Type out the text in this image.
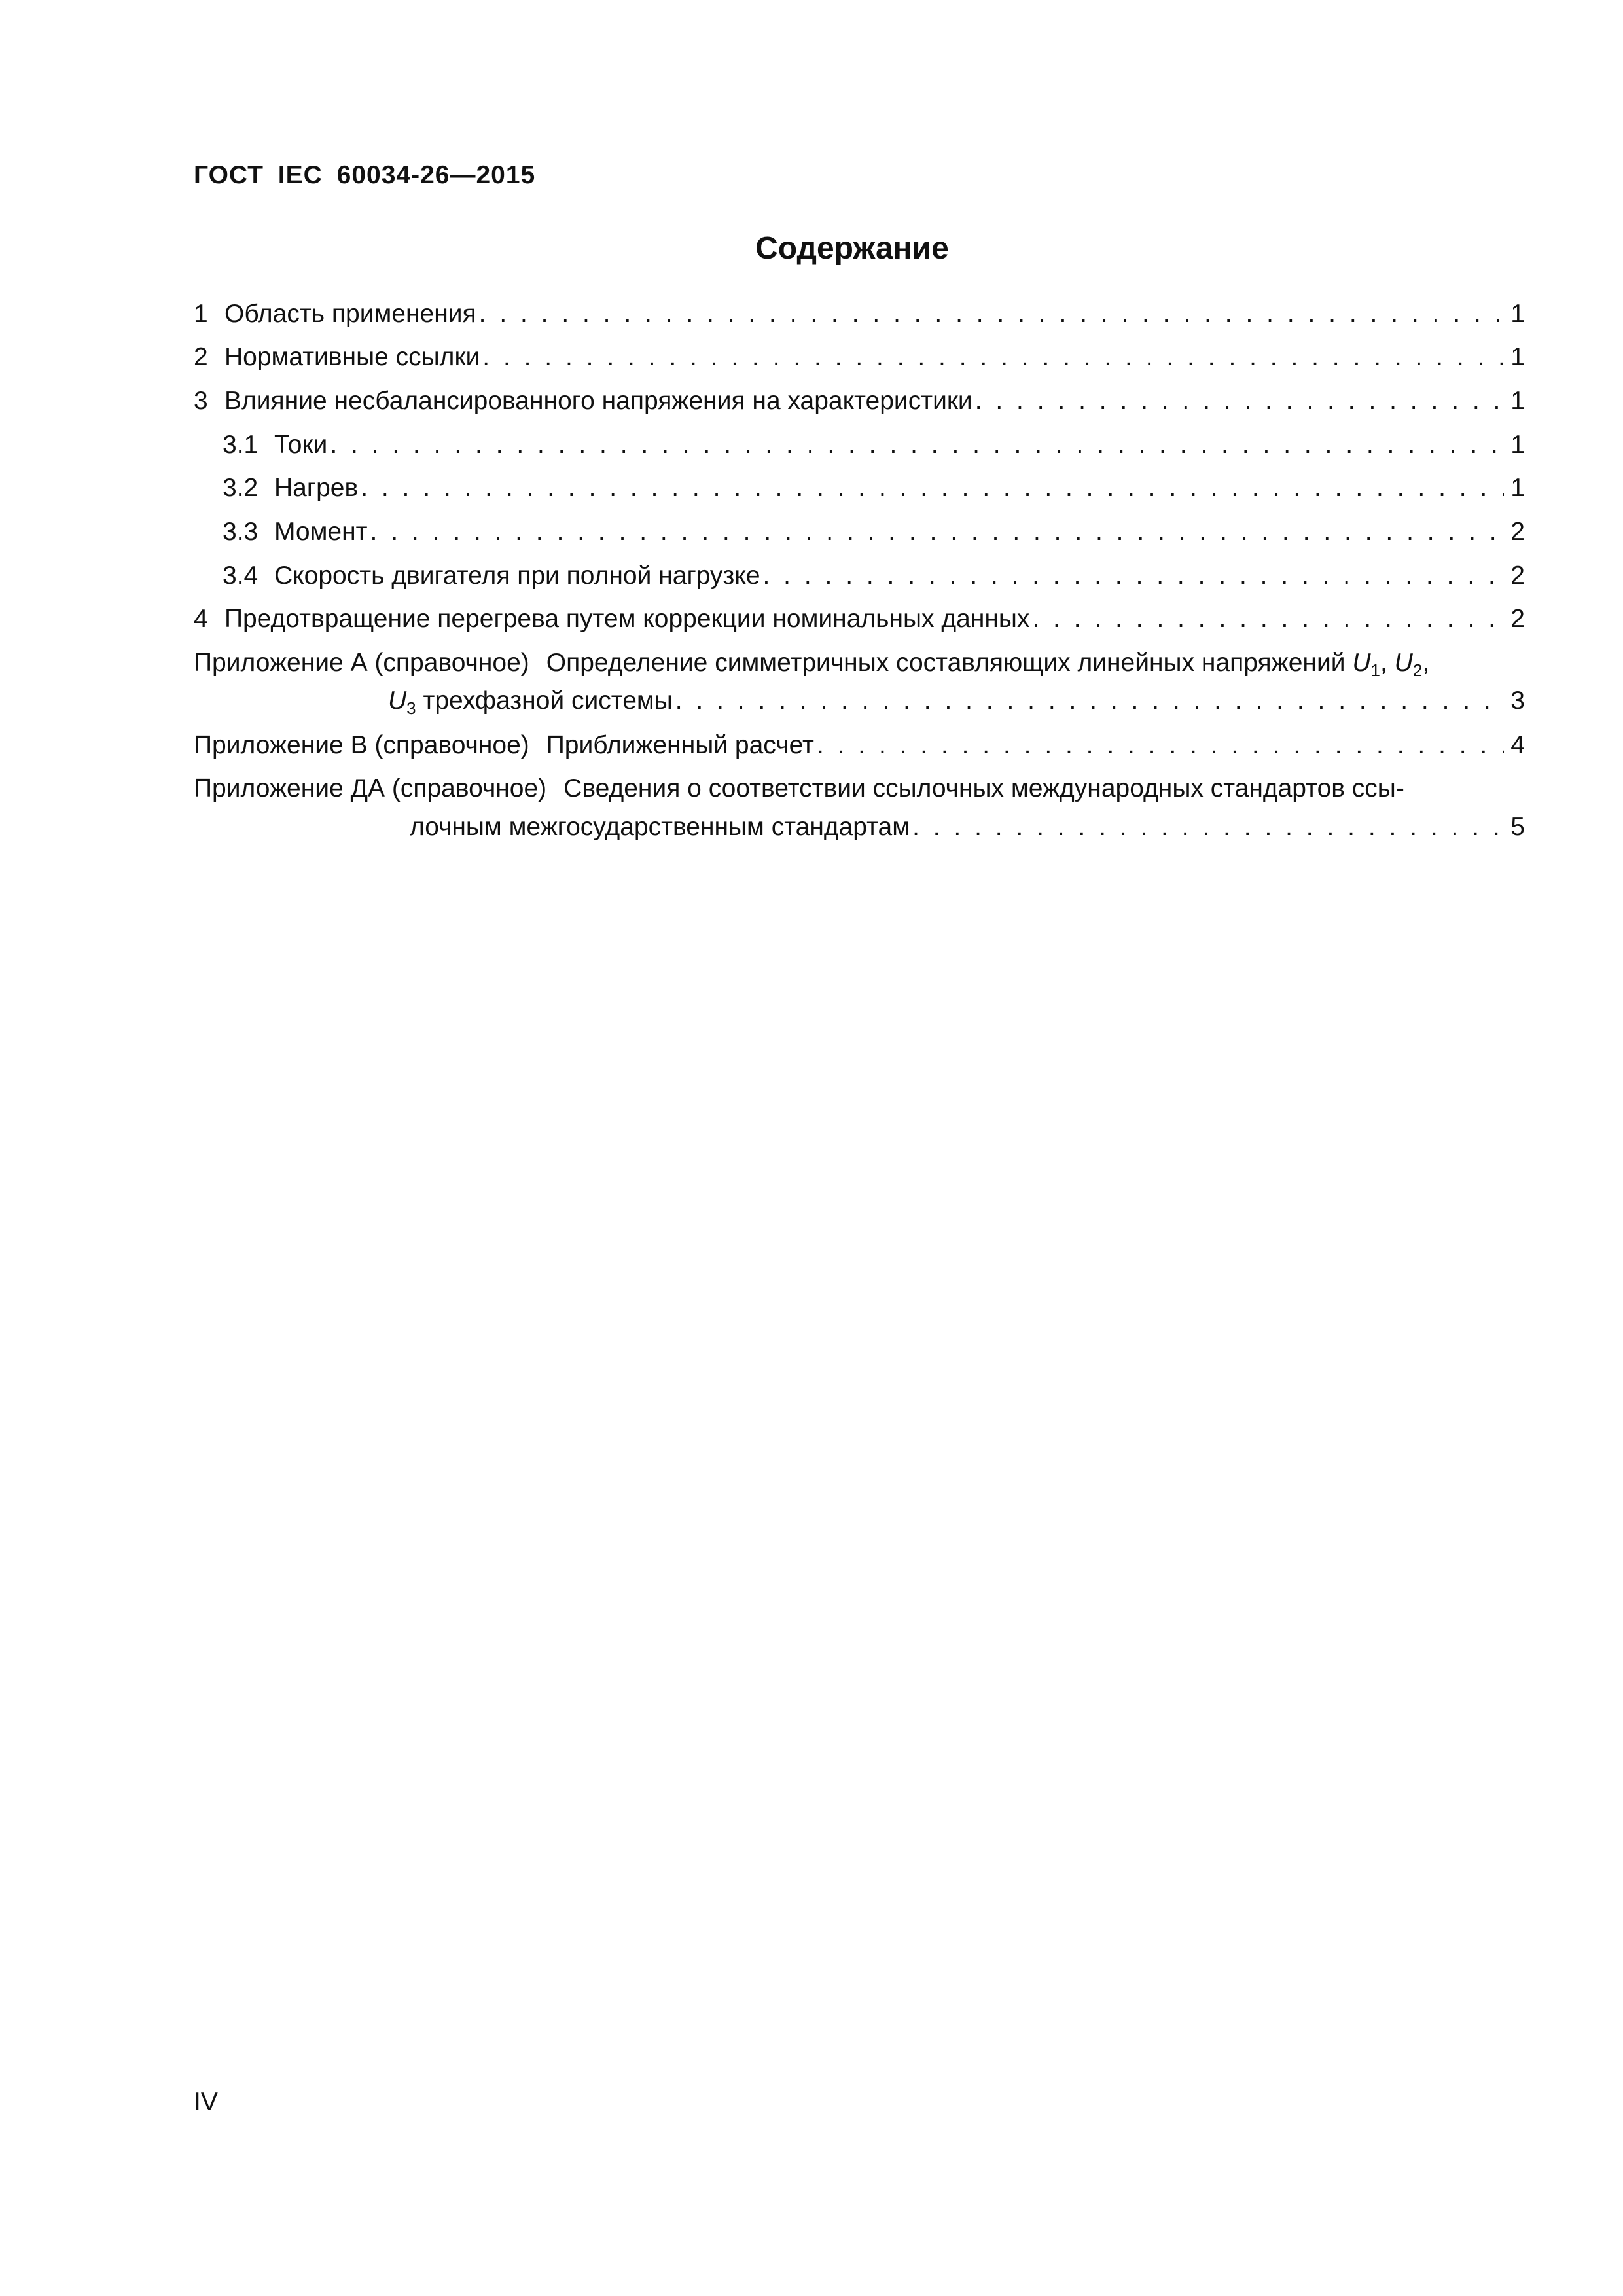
ГОСТ IEC 60034-26—2015
Содержание
1 Область применения . . .	1
2 Нормативные ссылки . . .	1
3 Влияние несбалансированного напряжения на характеристики . . .	1
3.1 Токи . . .	1
3.2 Нагрев . . .	1
3.3 Момент . . .	2
3.4 Скорость двигателя при полной нагрузке . . .	2
4 Предотвращение перегрева путем коррекции номинальных данных . . .	2
Приложение А (справочное) Определение симметричных составляющих линейных напряжений $U_1$, $U_2$,
$U_3$ трехфазной системы . . .	3
Приложение В (справочное) Приближенный расчет . . .	4
Приложение ДА (справочное) Сведения о соответствии ссылочных международных стандартов ссы-
лочным межгосударственным стандартам . . .	5
IV
